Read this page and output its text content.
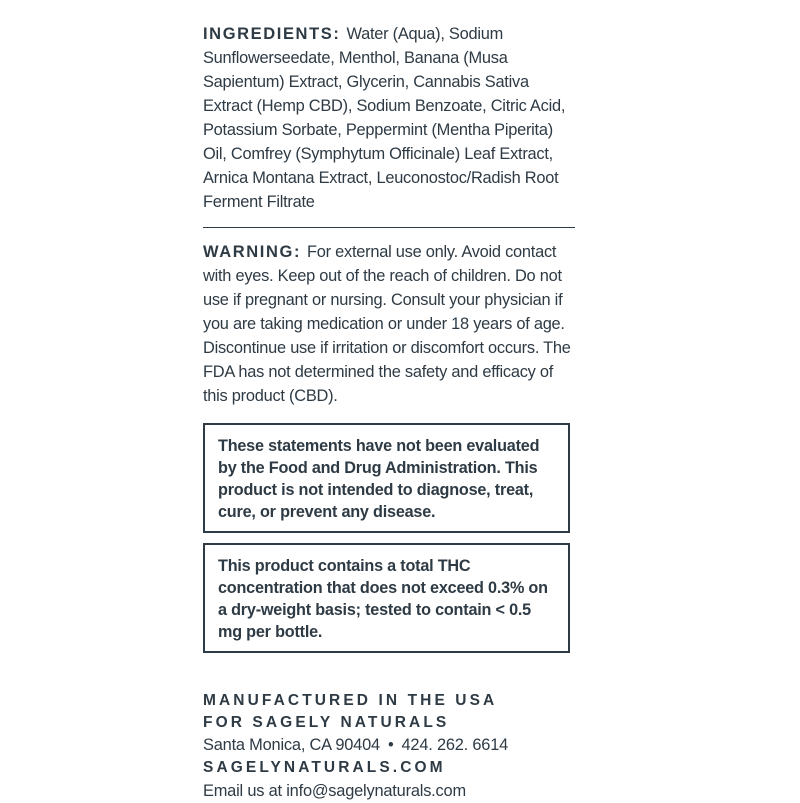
INGREDIENTS: Water (Aqua), Sodium Sunflowerseedate, Menthol, Banana (Musa Sapientum) Extract, Glycerin, Cannabis Sativa Extract (Hemp CBD), Sodium Benzoate, Citric Acid, Potassium Sorbate, Peppermint (Mentha Piperita) Oil, Comfrey (Symphytum Officinale) Leaf Extract, Arnica Montana Extract, Leuconostoc/Radish Root Ferment Filtrate

WARNING: For external use only. Avoid contact with eyes. Keep out of the reach of children. Do not use if pregnant or nursing. Consult your physician if you are taking medication or under 18 years of age. Discontinue use if irritation or discomfort occurs. The FDA has not determined the safety and efficacy of this product (CBD).

These statements have not been evaluated by the Food and Drug Administration. This product is not intended to diagnose, treat, cure, or prevent any disease.
This product contains a total THC concentration that does not exceed 0.3% on a dry-weight basis; tested to contain < 0.5 mg per bottle.
MANUFACTURED IN THE USA
FOR SAGELY NATURALS
Santa Monica, CA 90404 • 424. 262. 6614
SAGELYNATURALS.COM
Email us at info@sagelynaturals.com
